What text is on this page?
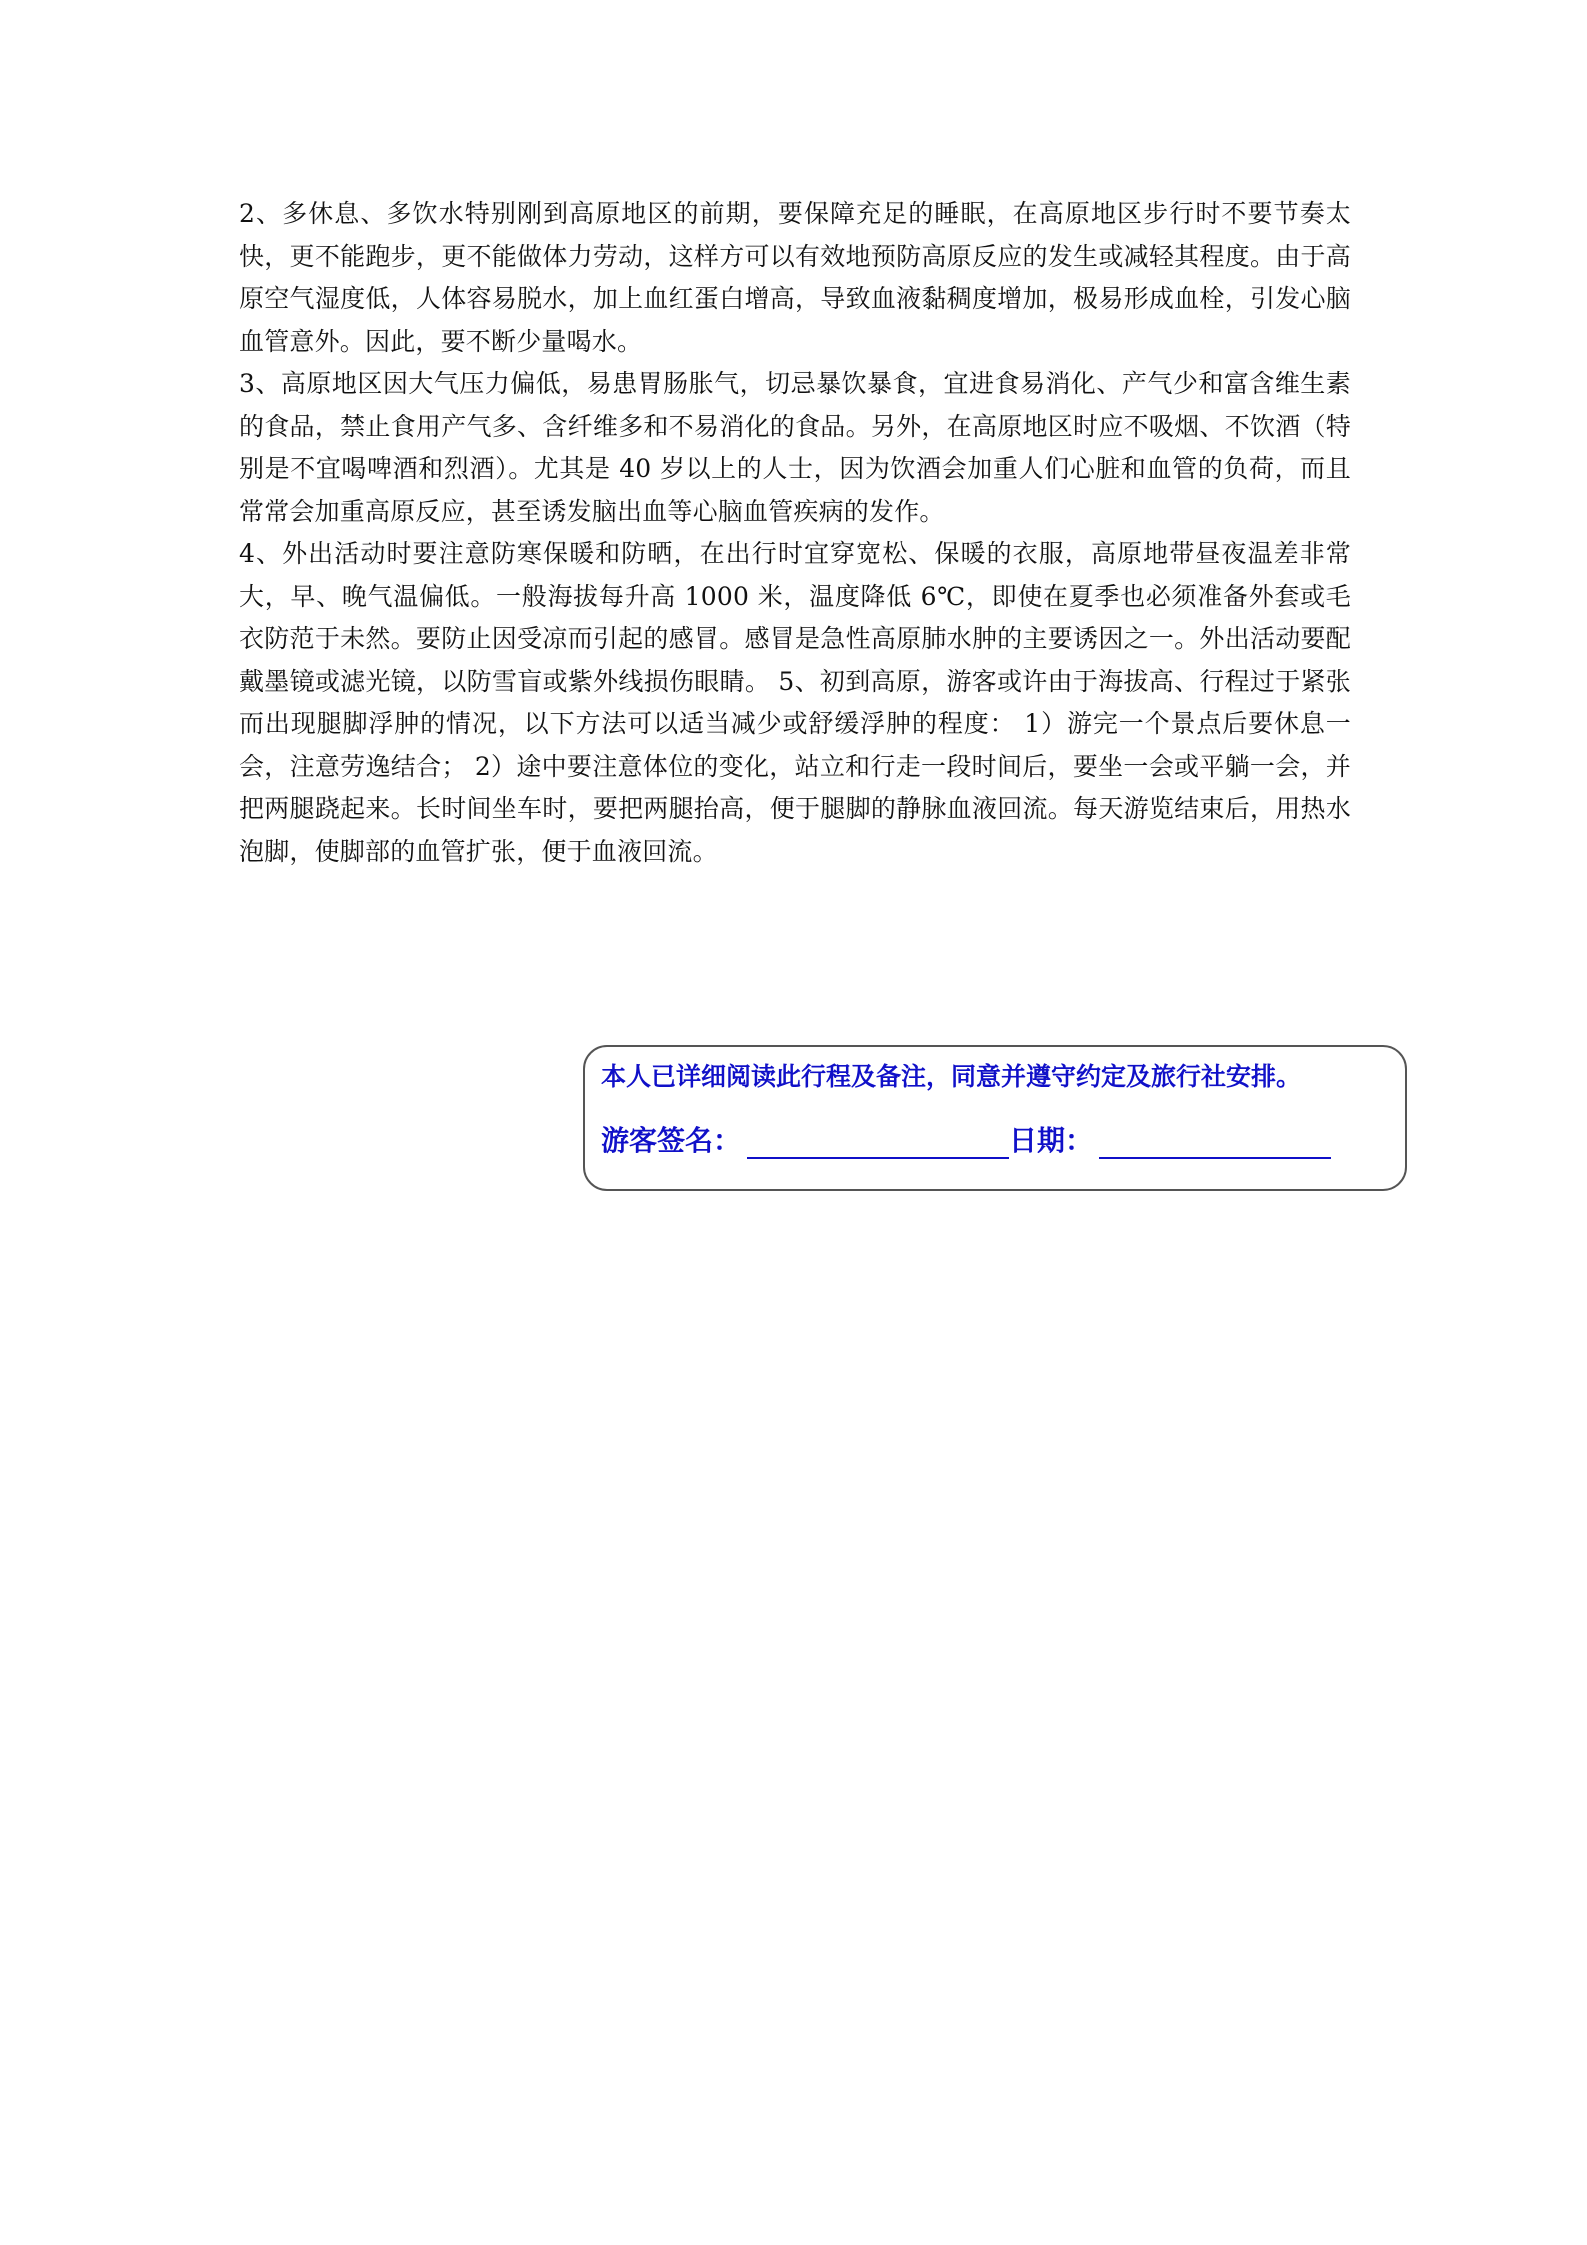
2、多休息、多饮水特别刚到高原地区的前期，要保障充足的睡眠，在高原地区步行时不要节奏太快，更不能跑步，更不能做体力劳动，这样方可以有效地预防高原反应的发生或减轻其程度。由于高原空气湿度低，人体容易脱水，加上血红蛋白增高，导致血液黏稠度增加，极易形成血栓，引发心脑血管意外。因此，要不断少量喝水。

3、高原地区因大气压力偏低，易患胃肠胀气，切忌暴饮暴食，宜进食易消化、产气少和富含维生素的食品，禁止食用产气多、含纤维多和不易消化的食品。另外，在高原地区时应不吸烟、不饮酒（特别是不宜喝啤酒和烈酒）。尤其是 40 岁以上的人士，因为饮酒会加重人们心脏和血管的负荷，而且常常会加重高原反应，甚至诱发脑出血等心脑血管疾病的发作。

4、外出活动时要注意防寒保暖和防晒，在出行时宜穿宽松、保暖的衣服，高原地带昼夜温差非常大，早、晚气温偏低。一般海拔每升高 1000 米，温度降低 6℃，即使在夏季也必须准备外套或毛衣防范于未然。要防止因受凉而引起的感冒。感冒是急性高原肺水肿的主要诱因之一。外出活动要配戴墨镜或滤光镜，以防雪盲或紫外线损伤眼睛。 5、初到高原，游客或许由于海拔高、行程过于紧张而出现腿脚浮肿的情况，以下方法可以适当减少或舒缓浮肿的程度： 1）游完一个景点后要休息一会，注意劳逸结合； 2）途中要注意体位的变化，站立和行走一段时间后，要坐一会或平躺一会，并把两腿跷起来。长时间坐车时，要把两腿抬高，便于腿脚的静脉血液回流。每天游览结束后，用热水泡脚，使脚部的血管扩张，便于血液回流。

本人已详细阅读此行程及备注，同意并遵守约定及旅行社安排。
游客签名：	日期：
